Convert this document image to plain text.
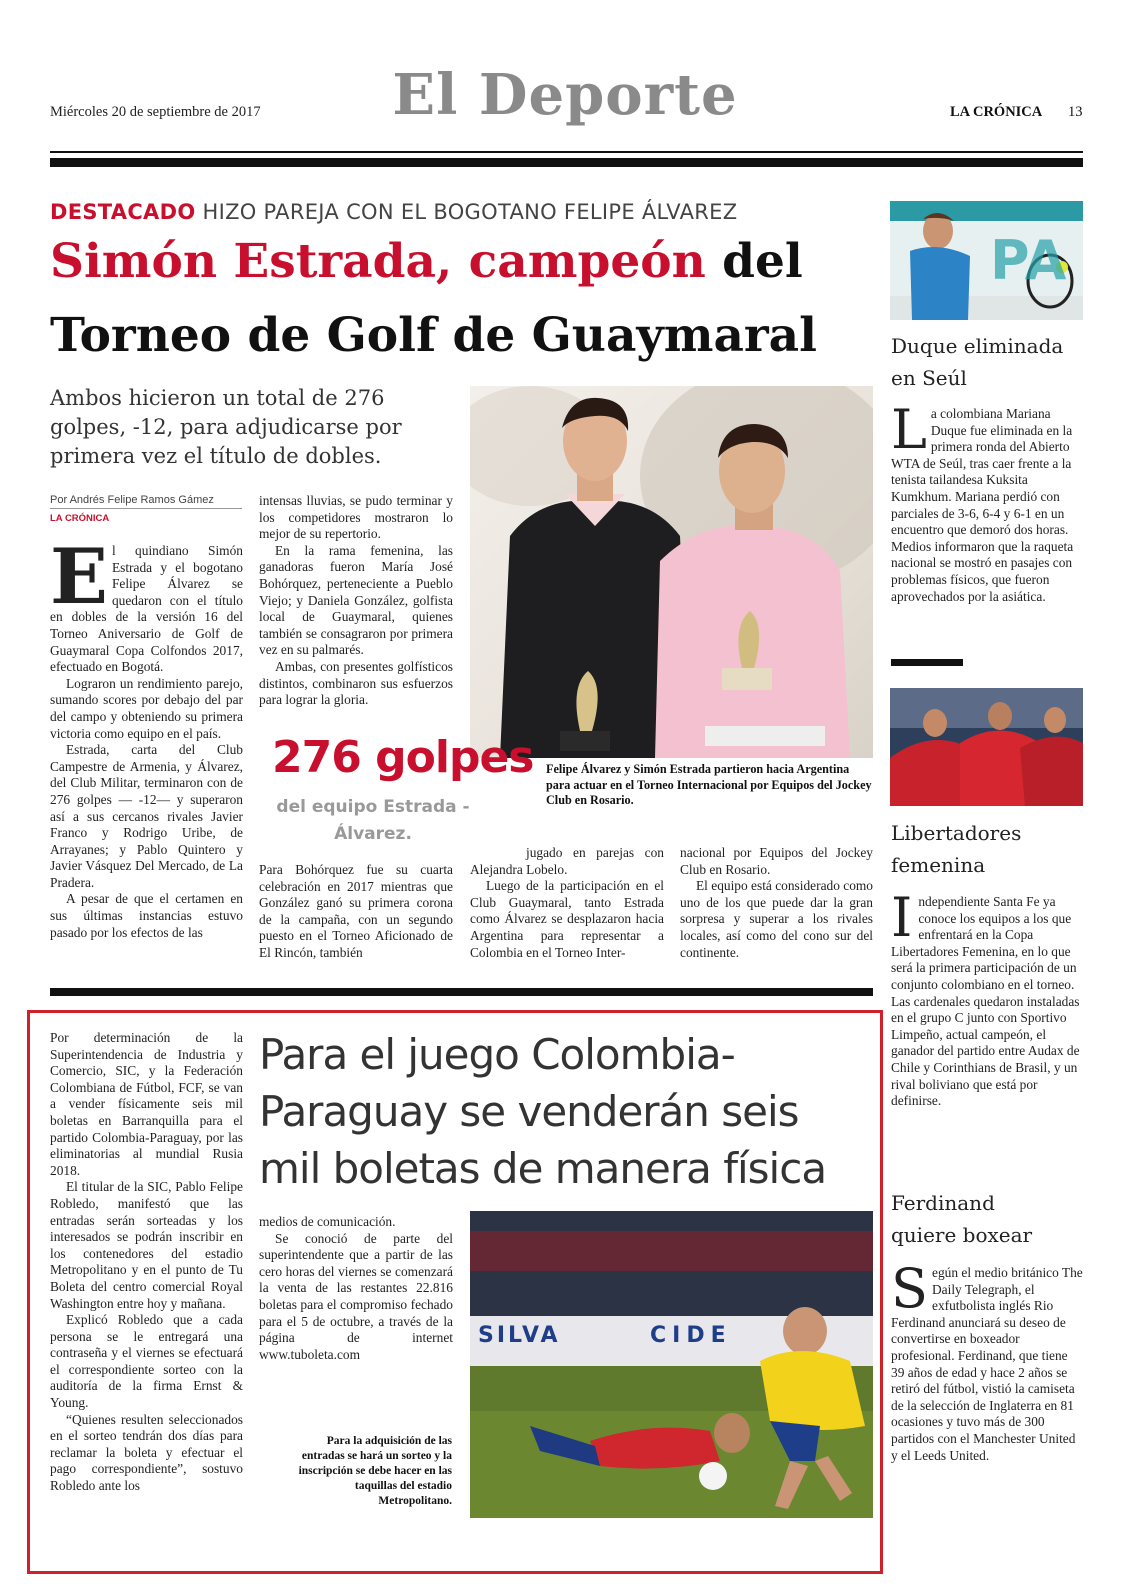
Miércoles 20 de septiembre de 2017	El Deporte	LA CRÓNICA 13
DESTACADO HIZO PAREJA CON EL BOGOTANO FELIPE ÁLVAREZ
Simón Estrada, campeón del
Torneo de Golf de Guaymaral
Ambos hicieron un total de 276 golpes, -12, para adjudicarse por primera vez el título de dobles.
Por Andrés Felipe Ramos Gámez
LA CRÓNICA

El quindiano Simón Estrada y el bogotano Felipe Álvarez se quedaron con el título en dobles de la versión 16 del Torneo Aniversario de Golf de Guaymaral Copa Colfondos 2017, efectuado en Bogotá.

Lograron un rendimiento parejo, sumando scores por debajo del par del campo y obteniendo su primera victoria como equipo en el país.

Estrada, carta del Club Campestre de Armenia, y Álvarez, del Club Militar, terminaron con de 276 golpes — -12— y superaron así a sus cercanos rivales Javier Franco y Rodrigo Uribe, de Arrayanes; y Pablo Quintero y Javier Vásquez Del Mercado, de La Pradera.

A pesar de que el certamen en sus últimas instancias estuvo pasado por los efectos de las

intensas lluvias, se pudo terminar y los competidores mostraron lo mejor de su repertorio.

En la rama femenina, las ganadoras fueron María José Bohórquez, perteneciente a Pueblo Viejo; y Daniela González, golfista local de Guaymaral, quienes también se consagraron por primera vez en su palmarés.

Ambas, con presentes golfísticos distintos, combinaron sus esfuerzos para lograr la gloria.

276 golpes
del equipo Estrada - Álvarez.
Felipe Álvarez y Simón Estrada partieron hacia Argentina para actuar en el Torneo Internacional por Equipos del Jockey Club en Rosario.

Para Bohórquez fue su cuarta celebración en 2017 mientras que González ganó su primera corona de la campaña, con un segundo puesto en el Torneo Aficionado de El Rincón, también

jugado en parejas con Alejandra Lobelo.

Luego de la participación en el Club Guaymaral, tanto Estrada como Álvarez se desplazaron hacia Argentina para representar a Colombia en el Torneo Inter-

nacional por Equipos del Jockey Club en Rosario.

El equipo está considerado como uno de los que puede dar la gran sorpresa y superar a los rivales locales, así como del cono sur del continente.

Por determinación de la Superintendencia de Industria y Comercio, SIC, y la Federación Colombiana de Fútbol, FCF, se van a vender físicamente seis mil boletas en Barranquilla para el partido Colombia-Paraguay, por las eliminatorias al mundial Rusia 2018.

El titular de la SIC, Pablo Felipe Robledo, manifestó que las entradas serán sorteadas y los interesados se podrán inscribir en los contenedores del estadio Metropolitano y en el punto de Tu Boleta del centro comercial Royal Washington entre hoy y mañana.

Explicó Robledo que a cada persona se le entregará una contraseña y el viernes se efectuará el correspondiente sorteo con la auditoría de la firma Ernst & Young.

“Quienes resulten seleccionados en el sorteo tendrán dos días para reclamar la boleta y efectuar el pago correspondiente”, sostuvo Robledo ante los

Para el juego Colombia-Paraguay se venderán seis mil boletas de manera física

medios de comunicación.

Se conoció de parte del superintendente que a partir de las cero horas del viernes se comenzará la venta de las restantes 22.816 boletas para el compromiso fechado para el 5 de octubre, a través de la página de internet www.tuboleta.com

SILVA	CIDE
Para la adquisición de las entradas se hará un sorteo y la inscripción se debe hacer en las taquillas del estadio Metropolitano.
PA
Duque eliminada en Seúl
La colombiana Mariana Duque fue eliminada en la primera ronda del Abierto WTA de Seúl, tras caer frente a la tenista tailandesa Kuksita Kumkhum. Mariana perdió con parciales de 3-6, 6-4 y 6-1 en un encuentro que demoró dos horas. Medios informaron que la raqueta nacional se mostró en pasajes con problemas físicos, que fueron aprovechados por la asiática.
Libertadores femenina
Independiente Santa Fe ya conoce los equipos a los que enfrentará en la Copa Libertadores Femenina, en lo que será la primera participación de un conjunto colombiano en el torneo. Las cardenales quedaron instaladas en el grupo C junto con Sportivo Limpeño, actual campeón, el ganador del partido entre Audax de Chile y Corinthians de Brasil, y un rival boliviano que está por definirse.
Ferdinand quiere boxear
Según el medio británico The Daily Telegraph, el exfutbolista inglés Rio Ferdinand anunciará su deseo de convertirse en boxeador profesional. Ferdinand, que tiene 39 años de edad y hace 2 años se retiró del fútbol, vistió la camiseta de la selección de Inglaterra en 81 ocasiones y tuvo más de 300 partidos con el Manchester United y el Leeds United.
